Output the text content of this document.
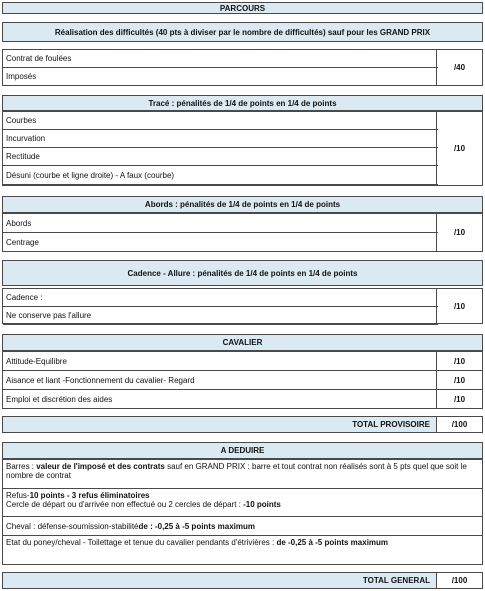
PARCOURS
Réalisation des difficultés (40 pts à diviser par le nombre de difficultés) sauf pour les GRAND PRIX
Contrat de foulées
Imposés
/40
Tracé : pénalités de 1/4 de points en 1/4 de points
Courbes
Incurvation
Rectitude
Désuni (courbe et ligne droite) - A faux (courbe)
/10
Abords : pénalités de 1/4 de points en 1/4 de points
Abords
Centrage
/10
Cadence - Allure : pénalités de 1/4 de points en 1/4 de points
Cadence :
Ne conserve pas l'allure
/10
CAVALIER
Attitude-Equilibre	/10
Aisance et liant -Fonctionnement du cavalier- Regard	/10
Emploi et discrétion des aides	/10
TOTAL PROVISOIRE	/100
A DEDUIRE
Barres : valeur de l'imposé et des contrats sauf en GRAND PRIX : barre et tout contrat non réalisés sont à 5 pts quel que soit le nombre de contrat
Refus-10 points - 3 refus éliminatoires
Cercle de départ ou d'arrivée non effectué ou 2 cercles de départ : -10 points
Cheval : défense-soumission-stabilité de : -0,25 à -5 points maximum
Etat du poney/cheval - Toilettage et tenue du cavalier pendants d'étrivières : de -0,25 à -5 points maximum
TOTAL GENERAL	/100
